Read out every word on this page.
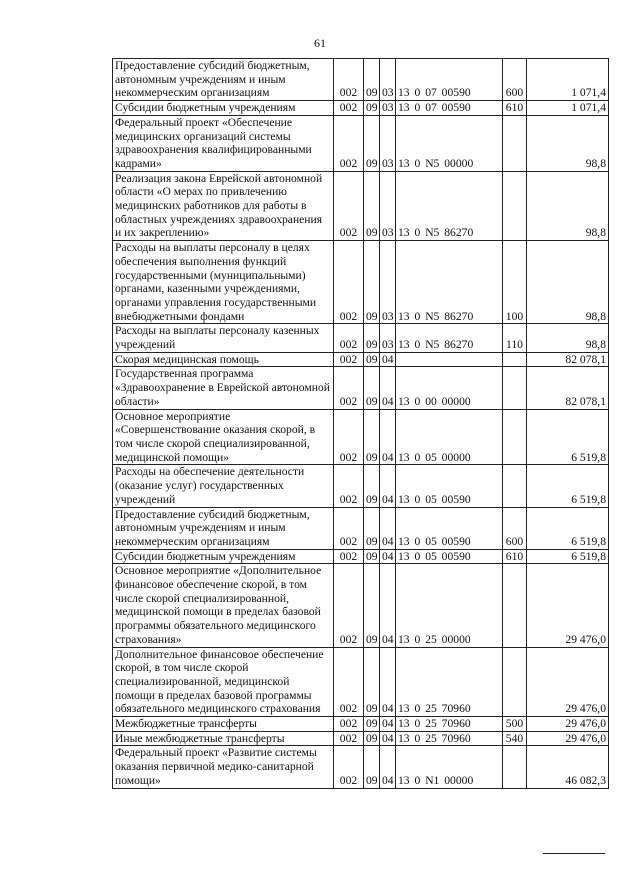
61
Предоставление субсидий бюджетным, автономным учреждениям и иным некоммерческим организациям	002	09	03	13 0 07 00590	600	1 071,4
Субсидии бюджетным учреждениям	002	09	03	13 0 07 00590	610	1 071,4
Федеральный проект «Обеспечение медицинских организаций системы здравоохранения квалифицированными кадрами»	002	09	03	13 0 N5 00000		98,8
Реализация закона Еврейской автономной области «О мерах по привлечению медицинских работников для работы в областных учреждениях здравоохранения и их закреплению»	002	09	03	13 0 N5 86270		98,8
Расходы на выплаты персоналу в целях обеспечения выполнения функций государственными (муниципальными) органами, казенными учреждениями, органами управления государственными внебюджетными фондами	002	09	03	13 0 N5 86270	100	98,8
Расходы на выплаты персоналу казенных учреждений	002	09	03	13 0 N5 86270	110	98,8
Скорая медицинская помощь	002	09	04			82 078,1
Государственная программа «Здравоохранение в Еврейской автономной области»	002	09	04	13 0 00 00000		82 078,1
Основное мероприятие «Совершенствование оказания скорой, в том числе скорой специализированной, медицинской помощи»	002	09	04	13 0 05 00000		6 519,8
Расходы на обеспечение деятельности (оказание услуг) государственных учреждений	002	09	04	13 0 05 00590		6 519,8
Предоставление субсидий бюджетным, автономным учреждениям и иным некоммерческим организациям	002	09	04	13 0 05 00590	600	6 519,8
Субсидии бюджетным учреждениям	002	09	04	13 0 05 00590	610	6 519,8
Основное мероприятие «Дополнительное финансовое обеспечение скорой, в том числе скорой специализированной, медицинской помощи в пределах базовой программы обязательного медицинского страхования»	002	09	04	13 0 25 00000		29 476,0
Дополнительное финансовое обеспечение скорой, в том числе скорой специализированной, медицинской помощи в пределах базовой программы обязательного медицинского страхования	002	09	04	13 0 25 70960		29 476,0
Межбюджетные трансферты	002	09	04	13 0 25 70960	500	29 476,0
Иные межбюджетные трансферты	002	09	04	13 0 25 70960	540	29 476,0
Федеральный проект «Развитие системы оказания первичной медико-санитарной помощи»	002	09	04	13 0 N1 00000		46 082,3
